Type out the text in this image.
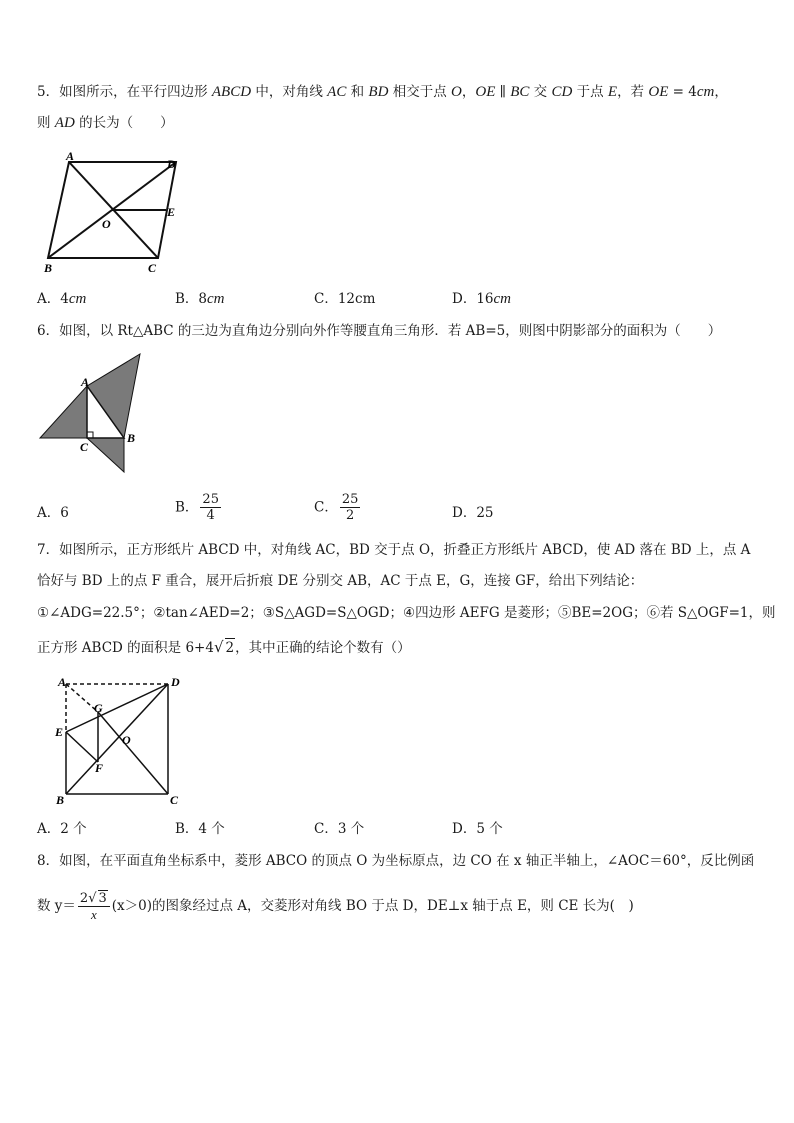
5．如图所示，在平行四边形 ABCD 中，对角线 AC 和 BD 相交于点 O，OE ∥ BC 交 CD 于点 E，若 OE = 4cm，
则 AD 的长为（　　）
A
D
E
O
B	C
A．4cm	B．8cm	C．12cm	D．16cm
6．如图，以 Rt△ABC 的三边为直角边分别向外作等腰直角三角形．若 AB=5，则图中阴影部分的面积为（　　）
A
B
C
A．6	B． $\frac{25}{4}$	C． $\frac{25}{2}$	D．25
7．如图所示，正方形纸片 ABCD 中，对角线 AC，BD 交于点 O，折叠正方形纸片 ABCD，使 AD 落在 BD 上，点 A
恰好与 BD 上的点 F 重合，展开后折痕 DE 分别交 AB，AC 于点 E，G，连接 GF，给出下列结论：
①∠ADG=22.5°；②tan∠AED=2；③S△AGD=S△OGD；④四边形 AEFG 是菱形；⑤BE=2OG；⑥若 S△OGF=1，则
正方形 ABCD 的面积是 6+4√ 2，其中正确的结论个数有（）
A	D
G
E
O
F
B	C
A．2 个	B．4 个	C．3 个	D．5 个
8．如图，在平面直角坐标系中，菱形 ABCO 的顶点 O 为坐标原点，边 CO 在 x 轴正半轴上，∠AOC＝60°，反比例函
数 $y= \frac{2√ 3}{x} (x>0)$的图象经过点 A，交菱形对角线 BO 于点 D，DE⊥x 轴于点 E，则 CE 长为(　)
